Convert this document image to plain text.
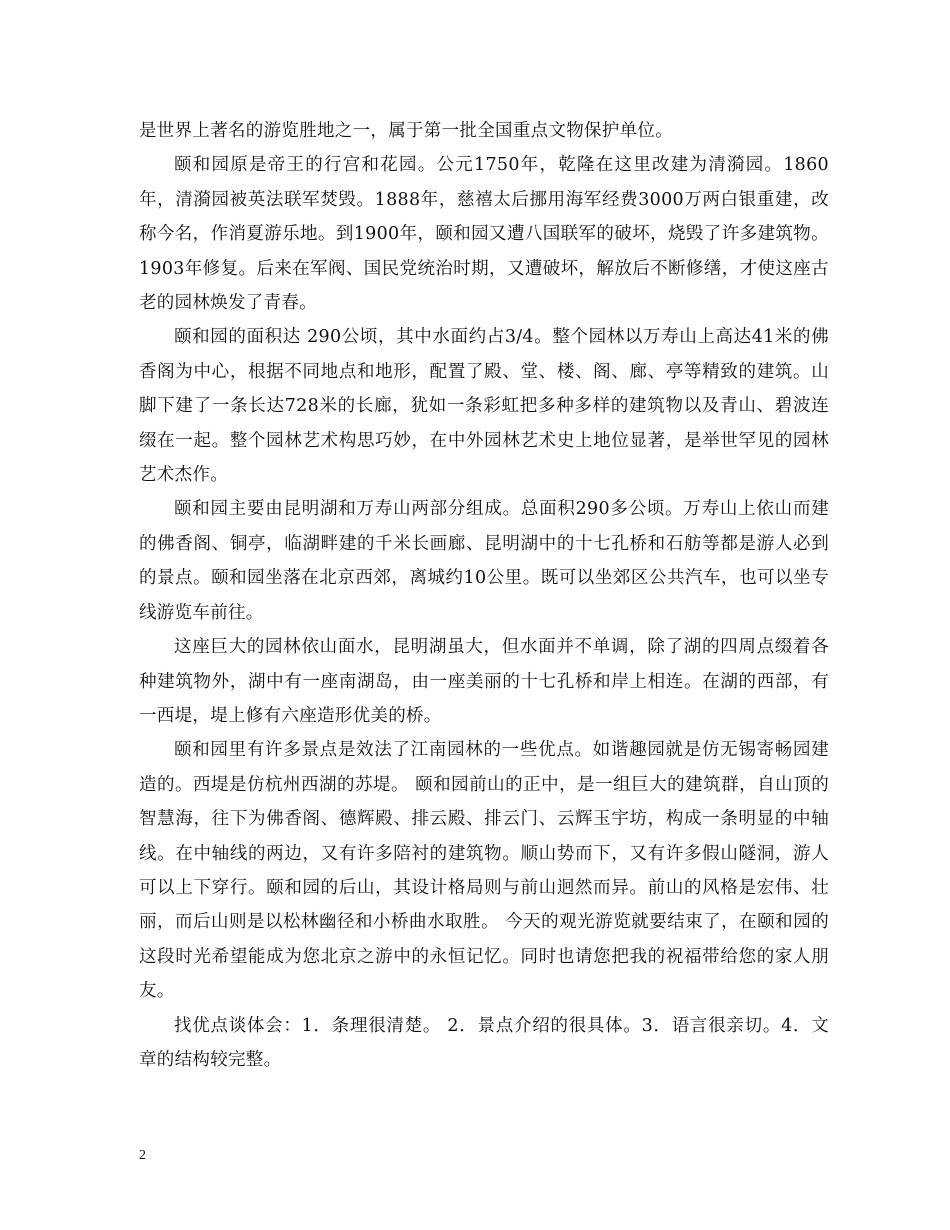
是世界上著名的游览胜地之一，属于第一批全国重点文物保护单位。

颐和园原是帝王的行宫和花园。公元1750年，乾隆在这里改建为清漪园。1860年，清漪园被英法联军焚毁。1888年，慈禧太后挪用海军经费3000万两白银重建，改称今名，作消夏游乐地。到1900年，颐和园又遭八国联军的破坏，烧毁了许多建筑物。1903年修复。后来在军阀、国民党统治时期，又遭破坏，解放后不断修缮，才使这座古老的园林焕发了青春。

颐和园的面积达 290公顷，其中水面约占3/4。整个园林以万寿山上高达41米的佛香阁为中心，根据不同地点和地形，配置了殿、堂、楼、阁、廊、亭等精致的建筑。山脚下建了一条长达728米的长廊，犹如一条彩虹把多种多样的建筑物以及青山、碧波连缀在一起。整个园林艺术构思巧妙，在中外园林艺术史上地位显著，是举世罕见的园林艺术杰作。

颐和园主要由昆明湖和万寿山两部分组成。总面积290多公顷。万寿山上依山而建的佛香阁、铜亭，临湖畔建的千米长画廊、昆明湖中的十七孔桥和石舫等都是游人必到的景点。颐和园坐落在北京西郊，离城约10公里。既可以坐郊区公共汽车，也可以坐专线游览车前往。

这座巨大的园林依山面水，昆明湖虽大，但水面并不单调，除了湖的四周点缀着各种建筑物外，湖中有一座南湖岛，由一座美丽的十七孔桥和岸上相连。在湖的西部，有一西堤，堤上修有六座造形优美的桥。

颐和园里有许多景点是效法了江南园林的一些优点。如谐趣园就是仿无锡寄畅园建造的。西堤是仿杭州西湖的苏堤。 颐和园前山的正中，是一组巨大的建筑群，自山顶的智慧海，往下为佛香阁、德辉殿、排云殿、排云门、云辉玉宇坊，构成一条明显的中轴线。在中轴线的两边，又有许多陪衬的建筑物。顺山势而下，又有许多假山隧洞，游人可以上下穿行。颐和园的后山，其设计格局则与前山迥然而异。前山的风格是宏伟、壮丽，而后山则是以松林幽径和小桥曲水取胜。 今天的观光游览就要结束了，在颐和园的这段时光希望能成为您北京之游中的永恒记忆。同时也请您把我的祝福带给您的家人朋友。

找优点谈体会：1．条理很清楚。 2．景点介绍的很具体。3．语言很亲切。4．文章的结构较完整。

2
